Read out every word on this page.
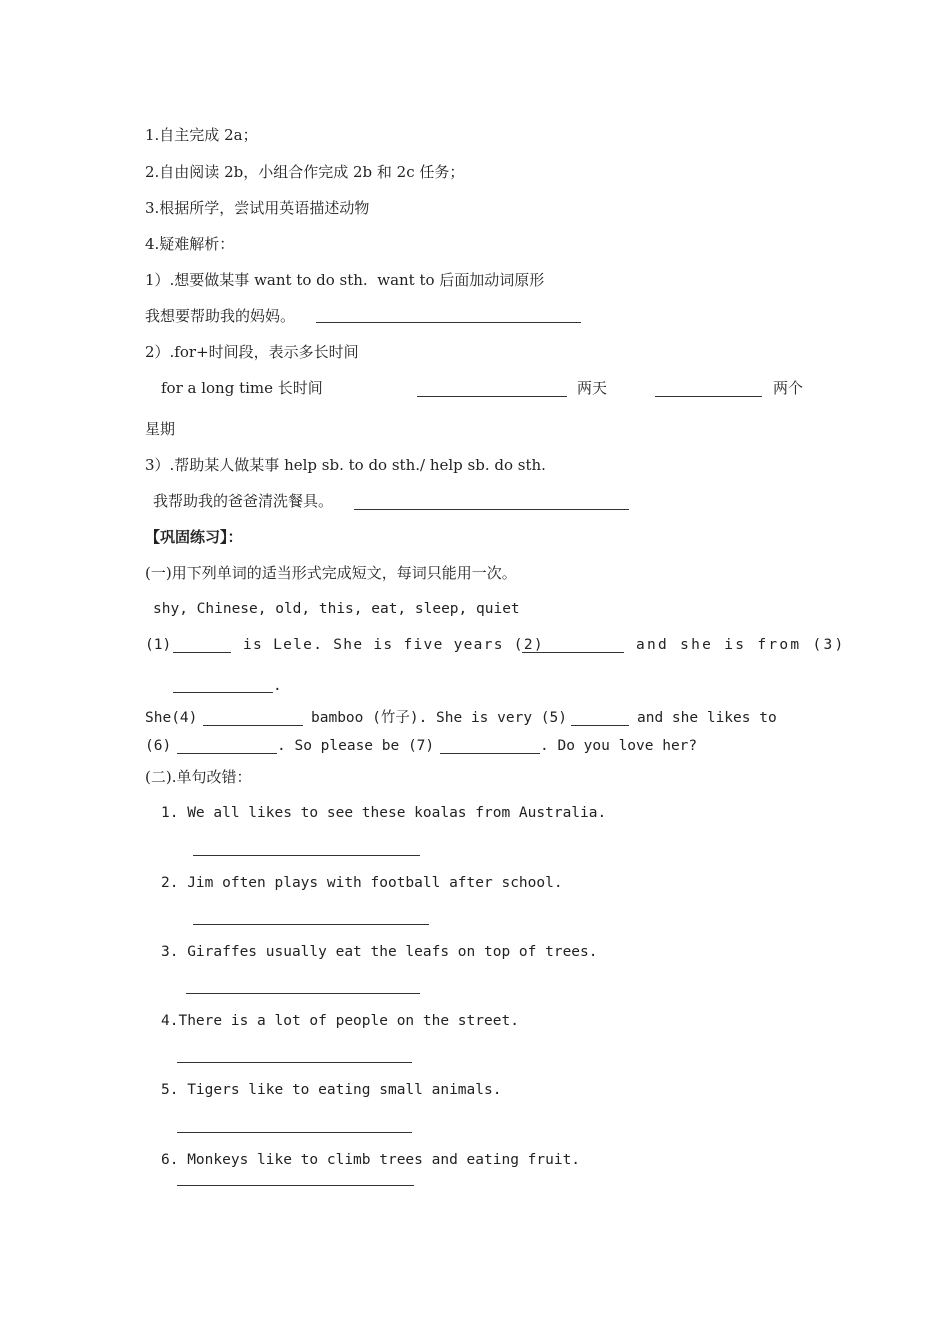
1.自主完成 2a；
2.自由阅读 2b，小组合作完成 2b 和 2c 任务；
3.根据所学，尝试用英语描述动物
4.疑难解析：
1）.想要做某事 want to do sth.  want to 后面加动词原形
我想要帮助我的妈妈。
2）.for+时间段，表示多长时间
for a long time 长时间	两天	两个
星期
3）.帮助某人做某事 help sb. to do sth./ help sb. do sth.
我帮助我的爸爸清洗餐具。
【巩固练习】：
(一)用下列单词的适当形式完成短文，每词只能用一次。
shy, Chinese, old, this, eat, sleep, quiet
(1)	is Lele. She is five years (2)	and she is from (3)
.
She(4)	bamboo (竹子). She is very (5)	and she likes to
(6)	. So please be (7)	. Do you love her?
(二).单句改错：
1. We all likes to see these koalas from Australia.
2. Jim often plays with football after school.
3. Giraffes usually eat the leafs on top of trees.
4.There is a lot of people on the street.
5. Tigers like to eating small animals.
6. Monkeys like to climb trees and eating fruit.
